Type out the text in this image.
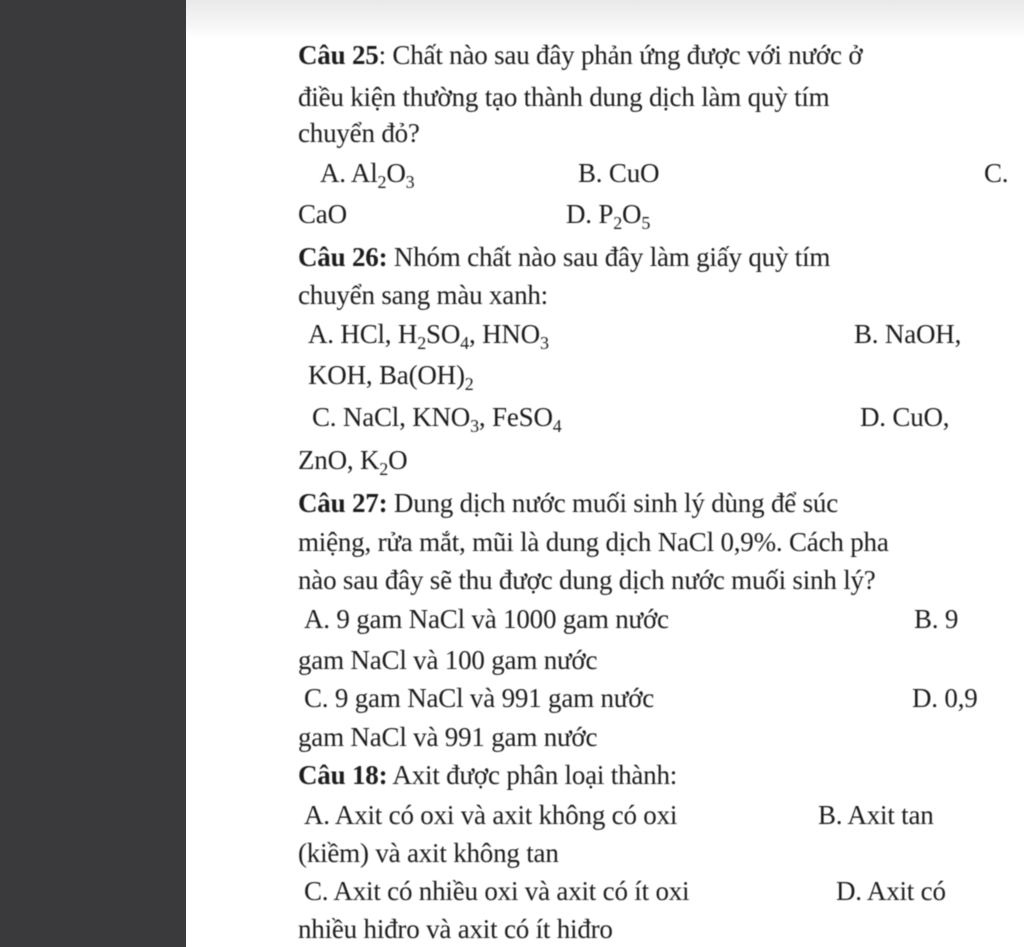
Câu 25: Chất nào sau đây phản ứng được với nước ở
điều kiện thường tạo thành dung dịch làm quỳ tím
chuyển đỏ?
A. $Al_2O_3$	B. CuO	C.
CaO	D. $P_2O_5$
Câu 26: Nhóm chất nào sau đây làm giấy quỳ tím
chuyển sang màu xanh:
A. HCl, $H_2SO_4$, $HNO_3$	B. NaOH,
KOH, $Ba(OH)_2$
C. NaCl, $KNO_3$, FeSO$_4$	D. CuO,
ZnO, $K_2O$
Câu 27: Dung dịch nước muối sinh lý dùng để súc
miệng, rửa mắt, mũi là dung dịch NaCl 0,9%. Cách pha
nào sau đây sẽ thu được dung dịch nước muối sinh lý?
A. 9 gam NaCl và 1000 gam nước	B. 9
gam NaCl và 100 gam nước
C. 9 gam NaCl và 991 gam nước	D. 0,9
gam NaCl và 991 gam nước
Câu 18: Axit được phân loại thành:
A. Axit có oxi và axit không có oxi	B. Axit tan
(kiềm) và axit không tan
C. Axit có nhiều oxi và axit có ít oxi	D. Axit có
nhiều hiđro và axit có ít hiđro
